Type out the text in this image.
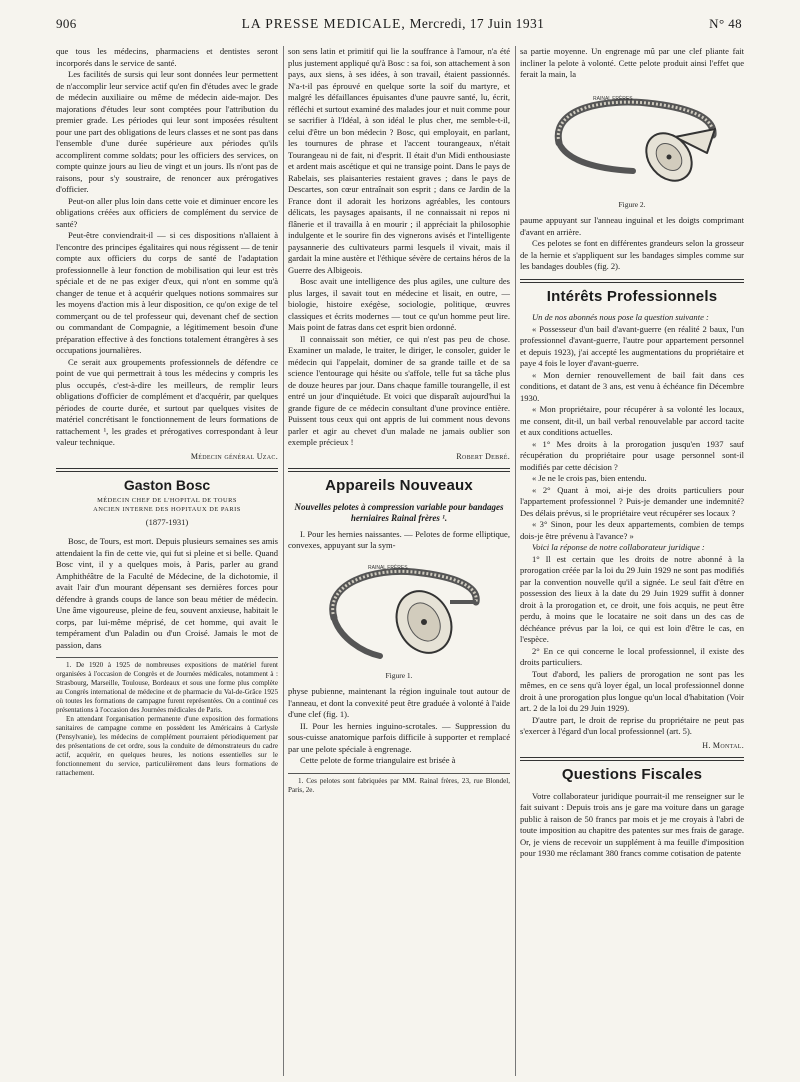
906	LA PRESSE MEDICALE, Mercredi, 17 Juin 1931	N° 48

que tous les médecins, pharmaciens et dentistes seront incorporés dans le service de santé.

Les facilités de sursis qui leur sont données leur permettent de n'accomplir leur service actif qu'en fin d'études avec le grade de médecin auxiliaire ou même de médecin aide-major. Des majorations d'études leur sont comptées pour l'attribution du premier grade. Les périodes qui leur sont imposées résultent pour une part des obligations de leurs classes et ne sont pas dans l'ensemble d'une durée supérieure aux périodes qu'ils accomplirent comme soldats; pour les officiers des services, on compte quinze jours au lieu de vingt et un jours. Ils n'ont pas de raisons, pour s'y soustraire, de renoncer aux prérogatives d'officier.

Peut-on aller plus loin dans cette voie et diminuer encore les obligations créées aux officiers de complément du service de santé?

Peut-être conviendrait-il — si ces dispositions n'allaient à l'encontre des principes égalitaires qui nous régissent — de tenir compte aux officiers du corps de santé de l'adaptation professionnelle à leur fonction de mobilisation qui leur est très spéciale et de ne pas exiger d'eux, qui n'ont en somme qu'à changer de tenue et à acquérir quelques notions sommaires sur les moyens d'action mis à leur disposition, ce qu'on exige de tel commerçant ou de tel professeur qui, devenant chef de section ou commandant de Compagnie, a légitimement besoin d'une préparation effective à des fonctions totalement étrangères à ses occupations journalières.

Ce serait aux groupements professionnels de défendre ce point de vue qui permettrait à tous les médecins y compris les plus occupés, c'est-à-dire les meilleurs, de remplir leurs obligations d'officier de complément et d'acquérir, par quelques périodes de courte durée, et surtout par quelques visites de matériel concrétisant le fonctionnement de leurs formations de rattachement ¹, les grades et prérogatives correspondant à leur valeur technique.

Médecin général Uzac.
Gaston Bosc
MÉDECIN CHEF DE L'HOPITAL DE TOURS
ANCIEN INTERNE DES HOPITAUX DE PARIS
(1877-1931)

Bosc, de Tours, est mort. Depuis plusieurs semaines ses amis attendaient la fin de cette vie, qui fut si pleine et si belle. Quand Bosc vint, il y a quelques mois, à Paris, parler au grand Amphithéâtre de la Faculté de Médecine, de la dichotomie, il avait l'air d'un mourant dépensant ses dernières forces pour défendre à grands coups de lance son beau métier de médecin. Une âme vigoureuse, pleine de feu, souvent anxieuse, habitait le corps, par lui-même méprisé, de cet homme, qui avait le tempérament d'un Paladin ou d'un Croisé. Jamais le mot de passion, dans

1. De 1920 à 1925 de nombreuses expositions de matériel furent organisées à l'occasion de Congrès et de Journées médicales, notamment à : Strasbourg, Marseille, Toulouse, Bordeaux et sous une forme plus complète au Congrès international de médecine et de pharmacie du Val-de-Grâce 1925 où toutes les formations de campagne furent représentées. On a continué ces présentations à l'occasion des Journées médicales de Paris.

En attendant l'organisation permanente d'une exposition des formations sanitaires de campagne comme en possèdent les Américains à Carlysle (Pensylvanie), les médecins de complément pourraient périodiquement par des présentations de cet ordre, sous la conduite de démonstrateurs du cadre actif, acquérir, en quelques heures, les notions essentielles sur le fonctionnement du service, particulièrement dans leurs formations de rattachement.

son sens latin et primitif qui lie la souffrance à l'amour, n'a été plus justement appliqué qu'à Bosc : sa foi, son attachement à son pays, aux siens, à ses idées, à son travail, étaient passionnés. N'a-t-il pas éprouvé en quelque sorte la soif du martyre, et malgré les défaillances épuisantes d'une pauvre santé, lu, écrit, réfléchi et surtout examiné des malades jour et nuit comme pour se sacrifier à l'Idéal, à son idéal le plus cher, me semble-t-il, celui d'être un bon médecin ? Bosc, qui employait, en parlant, les tournures de phrase et l'accent tourangeaux, n'était Tourangeau ni de fait, ni d'esprit. Il était d'un Midi enthousiaste et ardent mais ascétique et qui ne transige point. Dans le pays de Rabelais, ses plaisanteries restaient graves ; dans le pays de Descartes, son cœur entraînait son esprit ; dans ce Jardin de la France dont il adorait les horizons agréables, les contours délicats, les paysages apaisants, il ne connaissait ni repos ni flânerie et il travailla à en mourir ; il appréciait la philosophie indulgente et le sourire fin des vignerons avisés et l'intelligente paysannerie des cultivateurs parmi lesquels il vivait, mais il gardait la mine austère et l'éthique sévère de certains héros de la Guerre des Albigeois.

Bosc avait une intelligence des plus agiles, une culture des plus larges, il savait tout en médecine et lisait, en outre, — biologie, histoire exégèse, sociologie, politique, œuvres classiques et écrits modernes — tout ce qu'un homme peut lire. Mais point de fatras dans cet esprit bien ordonné.

Il connaissait son métier, ce qui n'est pas peu de chose. Examiner un malade, le traiter, le diriger, le consoler, guider le médecin qui l'appelait, dominer de sa grande taille et de sa science l'entourage qui hésite ou s'affole, telle fut sa tâche plus de douze heures par jour. Dans chaque famille tourangelle, il est entré un jour d'inquiétude. Et voici que disparaît aujourd'hui la grande figure de ce médecin consultant d'une province entière. Puissent tous ceux qui ont appris de lui comment nous devons parler et agir au chevet d'un malade ne jamais oublier son exemple précieux !

Robert Debré.
Appareils Nouveaux
Nouvelles pelotes à compression variable pour bandages herniaires Rainal frères ¹.

I. Pour les hernies naissantes. — Pelotes de forme elliptique, convexes, appuyant sur la sym-

RAINAL FRÈRES
Figure 1.

physe pubienne, maintenant la région inguinale tout autour de l'anneau, et dont la convexité peut être graduée à volonté à l'aide d'une clef (fig. 1).

II. Pour les hernies inguino-scrotales. — Suppression du sous-cuisse anatomique parfois difficile à supporter et remplacé par une pelote spéciale à engrenage.

Cette pelote de forme triangulaire est brisée à

1. Ces pelotes sont fabriquées par MM. Rainal frères, 23, rue Blondel, Paris, 2e.

sa partie moyenne. Un engrenage mû par une clef pliante fait incliner la pelote à volonté. Cette pelote produit ainsi l'effet que ferait la main, la

RAINAL FRÈRES
Figure 2.

paume appuyant sur l'anneau inguinal et les doigts comprimant d'avant en arrière.

Ces pelotes se font en différentes grandeurs selon la grosseur de la hernie et s'appliquent sur les bandages simples comme sur les bandages doubles (fig. 2).

Intérêts Professionnels

Un de nos abonnés nous pose la question suivante :

« Possesseur d'un bail d'avant-guerre (en réalité 2 baux, l'un professionnel d'avant-guerre, l'autre pour appartement personnel et depuis 1923), j'ai accepté les augmentations du propriétaire et paye 4 fois le loyer d'avant-guerre.

« Mon dernier renouvellement de bail fait dans ces conditions, et datant de 3 ans, est venu à échéance fin Décembre 1930.

« Mon propriétaire, pour récupérer à sa volonté les locaux, me consent, dit-il, un bail verbal renouvelable par accord tacite et aux conditions actuelles.

« 1° Mes droits à la prorogation jusqu'en 1937 sauf récupération du propriétaire pour usage personnel sont-il modifiés par cette décision ?

« Je ne le crois pas, bien entendu.

« 2° Quant à moi, ai-je des droits particuliers pour l'appartement professionnel ? Puis-je demander une indemnité? Des délais prévus, si le propriétaire veut récupérer ses locaux ?

« 3° Sinon, pour les deux appartements, combien de temps dois-je être prévenu à l'avance? »

Voici la réponse de notre collaborateur juridique :

1° Il est certain que les droits de notre abonné à la prorogation créée par la loi du 29 Juin 1929 ne sont pas modifiés par la convention nouvelle qu'il a signée. Le seul fait d'être en possession des lieux à la date du 29 Juin 1929 suffit à donner droit à la prorogation et, ce droit, une fois acquis, ne peut être perdu, à moins que le locataire ne soit dans un des cas de déchéance prévus par la loi, ce qui est loin d'être le cas, en l'espèce.

2° En ce qui concerne le local professionnel, il existe des droits particuliers.

Tout d'abord, les paliers de prorogation ne sont pas les mêmes, en ce sens qu'à loyer égal, un local professionnel donne droit à une prorogation plus longue qu'un local d'habitation (Voir art. 2 de la loi du 29 Juin 1929).

D'autre part, le droit de reprise du propriétaire ne peut pas s'exercer à l'égard d'un local professionnel (art. 5).

H. Montal.
Questions Fiscales

Votre collaborateur juridique pourrait-il me renseigner sur le fait suivant : Depuis trois ans je gare ma voiture dans un garage public à raison de 50 francs par mois et je me croyais à l'abri de toute imposition au chapitre des patentes sur mes frais de garage. Or, je viens de recevoir un supplément à ma feuille d'imposition pour 1930 me réclamant 380 francs comme cotisation de patente
